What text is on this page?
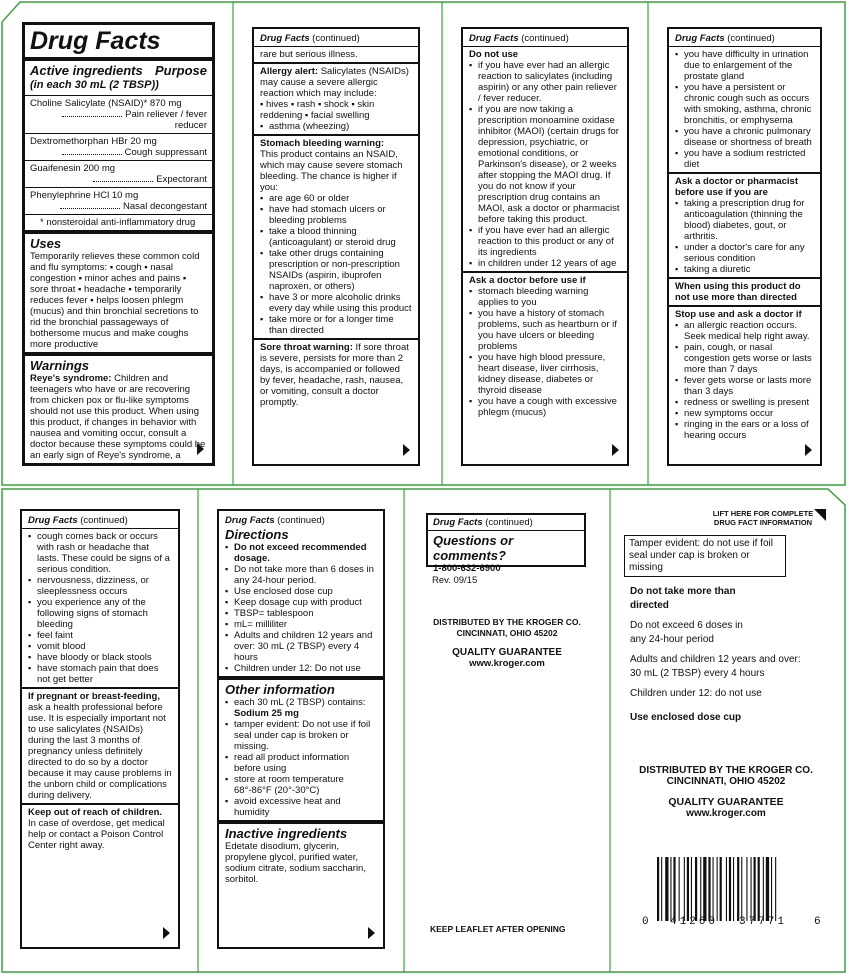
Drug Facts

Active ingredients Purpose

(in each 30 mL (2 TBSP))

Choline Salicylate (NSAID)* 870 mg
Pain reliever / fever reducer
Dextromethorphan HBr 20 mg
Cough suppressant
Guaifenesin 200 mg
Expectorant
Phenylephrine HCl 10 mg
Nasal decongestant

* nonsteroidal anti-inflammatory drug

Uses

Temporarily relieves these common cold and flu symptoms: ▪ cough ▪ nasal congestion ▪ minor aches and pains ▪ sore throat ▪ headache ▪ temporarily reduces fever ▪ helps loosen phlegm (mucus) and thin bronchial secretions to rid the bronchial passageways of bothersome mucus and make coughs more productive

Warnings

Reye's syndrome: Children and teenagers who have or are recovering from chicken pox or flu-like symptoms should not use this product. When using this product, if changes in behavior with nausea and vomiting occur, consult a doctor because these symptoms could be an early sign of Reye's syndrome, a

Drug Facts (continued)

rare but serious illness.

Allergy alert: Salicylates (NSAIDs) may cause a severe allergic reaction which may include:

▪ hives ▪ rash ▪ shock ▪ skin reddening ▪ facial swelling

▪ asthma (wheezing)

Stomach bleeding warning:

This product contains an NSAID, which may cause severe stomach bleeding. The chance is higher if you:

▪ are age 60 or older
▪ have had stomach ulcers or bleeding problems
▪ take a blood thinning (anticoagulant) or steroid drug
▪ take other drugs containing prescription or non-prescription NSAIDs (aspirin, ibuprofen naproxen, or others)
▪ have 3 or more alcoholic drinks every day while using this product
▪ take more or for a longer time than directed

Sore throat warning: If sore throat is severe, persists for more than 2 days, is accompanied or followed by fever, headache, rash, nausea, or vomiting, consult a doctor promptly.

Drug Facts (continued)

Do not use

▪ if you have ever had an allergic reaction to salicylates (including aspirin) or any other pain reliever / fever reducer.
▪ if you are now taking a prescription monoamine oxidase inhibitor (MAOI) (certain drugs for depression, psychiatric, or emotional conditions, or Parkinson's disease), or 2 weeks after stopping the MAOI drug. If you do not know if your prescription drug contains an MAOI, ask a doctor or pharmacist before taking this product.
▪ if you have ever had an allergic reaction to this product or any of its ingredients
▪ in children under 12 years of age

Ask a doctor before use if

▪ stomach bleeding warning applies to you
▪ you have a history of stomach problems, such as heartburn or if you have ulcers or bleeding problems
▪ you have high blood pressure, heart disease, liver cirrhosis, kidney disease, diabetes or thyroid disease
▪ you have a cough with excessive phlegm (mucus)

Drug Facts (continued)

▪ you have difficulty in urination due to enlargement of the prostate gland
▪ you have a persistent or chronic cough such as occurs with smoking, asthma, chronic bronchitis, or emphysema
▪ you have a chronic pulmonary disease or shortness of breath
▪ you have a sodium restricted diet

Ask a doctor or pharmacist before use if you are

▪ taking a prescription drug for anticoagulation (thinning the blood) diabetes, gout, or arthritis.
▪ under a doctor's care for any serious condition
▪ taking a diuretic

When using this product do not use more than directed

Stop use and ask a doctor if

▪ an allergic reaction occurs. Seek medical help right away.
▪ pain, cough, or nasal congestion gets worse or lasts more than 7 days
▪ fever gets worse or lasts more than 3 days
▪ redness or swelling is present
▪ new symptoms occur
▪ ringing in the ears or a loss of hearing occurs

Drug Facts (continued)

▪ cough comes back or occurs with rash or headache that lasts. These could be signs of a serious condition.
▪ nervousness, dizziness, or sleeplessness occurs
▪ you experience any of the following signs of stomach bleeding
▪ feel faint
▪ vomit blood
▪ have bloody or black stools
▪ have stomach pain that does not get better

If pregnant or breast-feeding, ask a health professional before use. It is especially important not to use salicylates (NSAIDs) during the last 3 months of pregnancy unless definitely directed to do so by a doctor because it may cause problems in the unborn child or complications during delivery.

Keep out of reach of children. In case of overdose, get medical help or contact a Poison Control Center right away.

Drug Facts (continued)

Directions

▪ Do not exceed recommended dosage.
▪ Do not take more than 6 doses in any 24-hour period.
▪ Use enclosed dose cup
▪ Keep dosage cup with product
▪ TBSP= tablespoon
▪ mL= milliliter
▪ Adults and children 12 years and over: 30 mL (2 TBSP) every 4 hours
▪ Children under 12: Do not use

Other information

▪ each 30 mL (2 TBSP) contains:
Sodium 25 mg
▪ tamper evident: Do not use if foil seal under cap is broken or missing.
▪ read all product information before using
▪ store at room temperature 68°-86°F (20°-30°C)
▪ avoid excessive heat and humidity

Inactive ingredients

Edetate disodium, glycerin, propylene glycol, purified water, sodium citrate, sodium saccharin, sorbitol.

Drug Facts (continued)

Questions or comments?

1-800-632-6900

Rev. 09/15

DISTRIBUTED BY THE KROGER CO.

CINCINNATI, OHIO 45202

QUALITY GUARANTEE

www.kroger.com

KEEP LEAFLET AFTER OPENING

LIFT HERE FOR COMPLETE

DRUG FACT INFORMATION

Tamper evident: do not use if foil seal under cap is broken or missing

Do not take more than directed

Do not exceed 6 doses in any 24-hour period

Adults and children 12 years and over: 30 mL (2 TBSP) every 4 hours

Children under 12: do not use

Use enclosed dose cup

DISTRIBUTED BY THE KROGER CO.

CINCINNATI, OHIO 45202

QUALITY GUARANTEE

www.kroger.com

0 41260 37771 6
